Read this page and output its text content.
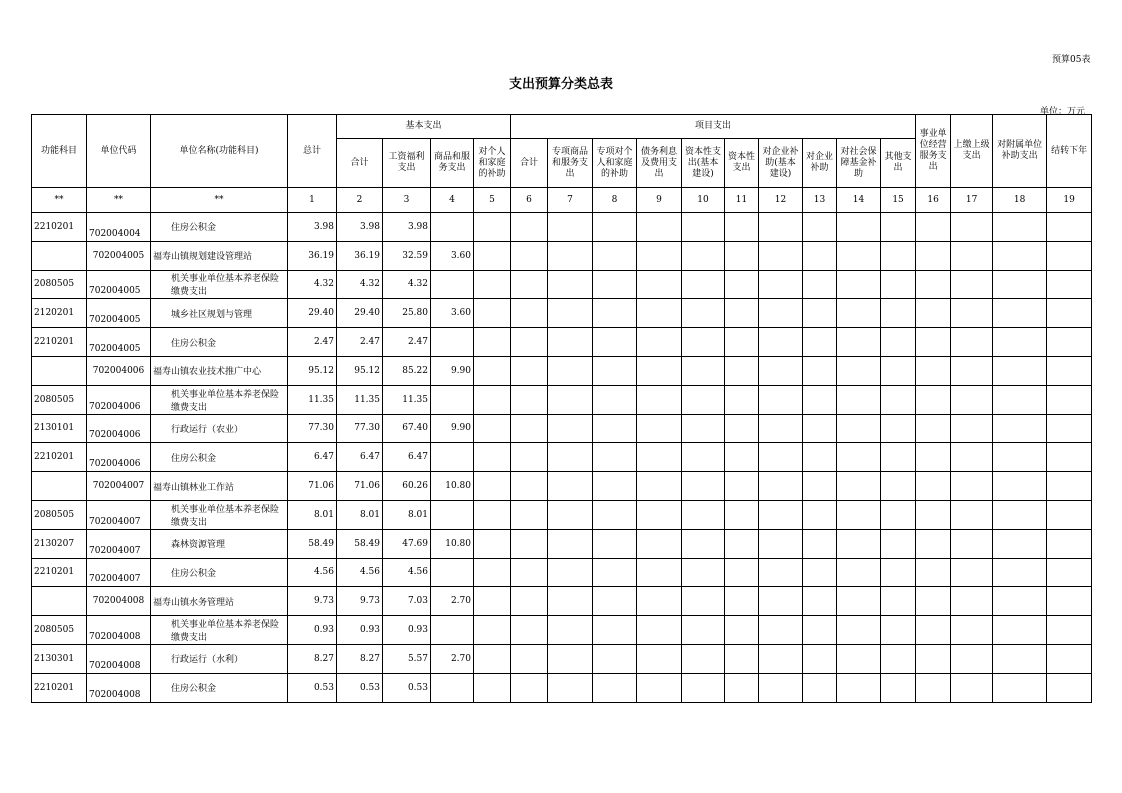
预算05表
支出预算分类总表
单位：万元
功能科目	单位代码	单位名称(功能科目)	总计	基本支出				项目支出										事业单位经营服务支出	上缴上级支出	对附属单位补助支出	结转下年
				合计	工资福利支出	商品和服务支出	对个人和家庭的补助	合计	专项商品和服务支出	专项对个人和家庭的补助	债务利息及费用支出	资本性支出(基本建设)	资本性支出	对企业补助(基本建设)	对企业补助	对社会保障基金补助	其他支出				
**	**	**	1	2	3	4	5	6	7	8	9	10	11	12	13	14	15	16	17	18	19
2210201	702004004	住房公积金	3.98	3.98	3.98																
	702004005	福寿山镇规划建设管理站	36.19	36.19	32.59	3.60															
2080505	702004005	机关事业单位基本养老保险缴费支出	4.32	4.32	4.32																
2120201	702004005	城乡社区规划与管理	29.40	29.40	25.80	3.60															
2210201	702004005	住房公积金	2.47	2.47	2.47																
	702004006	福寿山镇农业技术推广中心	95.12	95.12	85.22	9.90															
2080505	702004006	机关事业单位基本养老保险缴费支出	11.35	11.35	11.35																
2130101	702004006	行政运行（农业）	77.30	77.30	67.40	9.90															
2210201	702004006	住房公积金	6.47	6.47	6.47																
	702004007	福寿山镇林业工作站	71.06	71.06	60.26	10.80															
2080505	702004007	机关事业单位基本养老保险缴费支出	8.01	8.01	8.01																
2130207	702004007	森林资源管理	58.49	58.49	47.69	10.80															
2210201	702004007	住房公积金	4.56	4.56	4.56																
	702004008	福寿山镇水务管理站	9.73	9.73	7.03	2.70															
2080505	702004008	机关事业单位基本养老保险缴费支出	0.93	0.93	0.93																
2130301	702004008	行政运行（水利）	8.27	8.27	5.57	2.70															
2210201	702004008	住房公积金	0.53	0.53	0.53																
